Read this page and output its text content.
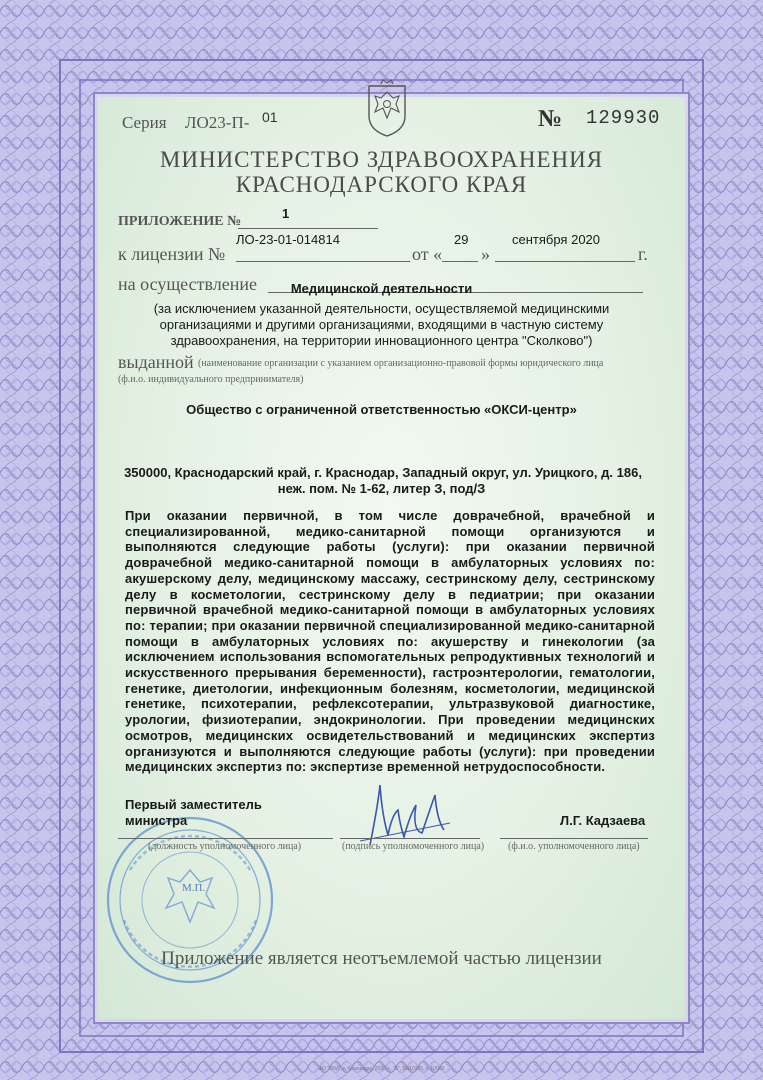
Серия ЛО23-П- 01	№ 129930
МИНИСТЕРСТВО ЗДРАВООХРАНЕНИЯ
КРАСНОДАРСКОГО КРАЯ
ПРИЛОЖЕНИЕ №
1
к лицензии №
ЛО-23-01-014814
от «
29
»
сентября 2020
г.
на осуществление	Медицинской деятельности
(за исключением указанной деятельности, осуществляемой медицинскими
организациями и другими организациями, входящими в частную систему
здравоохранения, на территории инновационного центра "Сколково")
выданной (наименование организации с указанием организационно-правовой формы юридического лица
(ф.и.о. индивидуального предпринимателя)
Общество с ограниченной ответственностью «ОКСИ-центр»
350000, Краснодарский край, г. Краснодар, Западный округ, ул. Урицкого, д. 186,
неж. пом. № 1-62, литер З, под/З
При оказании первичной, в том числе доврачебной, врачебной и специализированной, медико-санитарной помощи организуются и выполняются следующие работы (услуги): при оказании первичной доврачебной медико-санитарной помощи в амбулаторных условиях по: акушерскому делу, медицинскому массажу, сестринскому делу, сестринскому делу в косметологии, сестринскому делу в педиатрии; при оказании первичной врачебной медико-санитарной помощи в амбулаторных условиях по: терапии; при оказании первичной специализированной медико-санитарной помощи в амбулаторных условиях по: акушерству и гинекологии (за исключением использования вспомогательных репродуктивных технологий и искусственного прерывания беременности), гастроэнтерологии, гематологии, генетике, диетологии, инфекционным болезням, косметологии, медицинской генетике, психотерапии, рефлексотерапии, ультразвуковой диагностике, урологии, физиотерапии, эндокринологии. При проведении медицинских осмотров, медицинских освидетельствований и медицинских экспертиз организуются и выполняются следующие работы (услуги): при проведении медицинских экспертиз по: экспертизе временной нетрудоспособности.
М.П.
Первый заместитель
министра
(должность уполномоченного лица)	(подпись уполномоченного лица)
Л.Г. Кадзаева
(ф.и.о. уполномоченного лица)
Приложение является неотъемлемой частью лицензии
АО "КБИ", г. Краснодар, 2020 г., "Б", БВ10225, т. 10000
